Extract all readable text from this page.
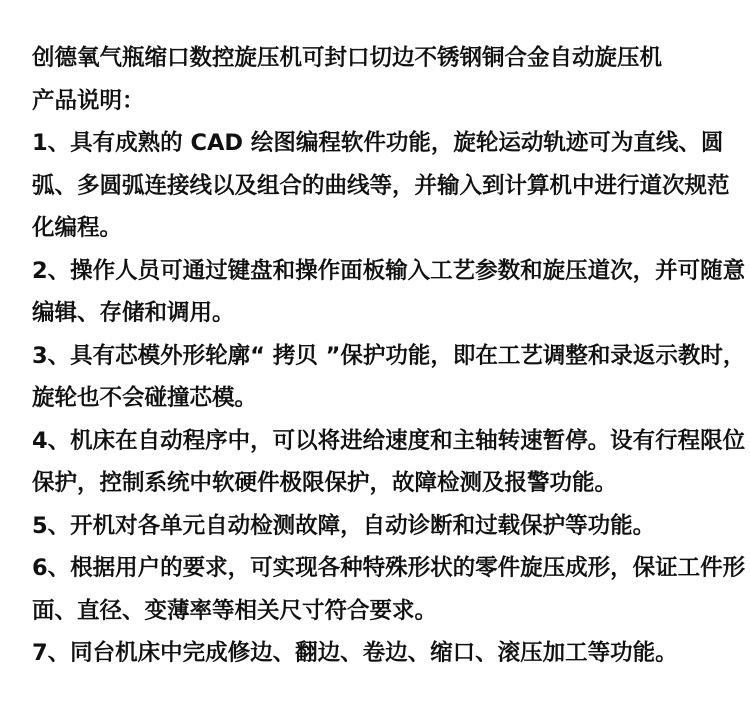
创德氧气瓶缩口数控旋压机可封口切边不锈钢铜合金自动旋压机

产品说明：

1、具有成熟的 CAD 绘图编程软件功能，旋轮运动轨迹可为直线、圆弧、多圆弧连接线以及组合的曲线等，并输入到计算机中进行道次规范化编程。

2、操作人员可通过键盘和操作面板输入工艺参数和旋压道次，并可随意编辑、存储和调用。

3、具有芯模外形轮廓“ 拷贝 ”保护功能，即在工艺调整和录返示教时，旋轮也不会碰撞芯模。

4、机床在自动程序中，可以将进给速度和主轴转速暂停。设有行程限位保护，控制系统中软硬件极限保护，故障检测及报警功能。

5、开机对各单元自动检测故障，自动诊断和过载保护等功能。

6、根据用户的要求，可实现各种特殊形状的零件旋压成形，保证工件形面、直径、变薄率等相关尺寸符合要求。

7、同台机床中完成修边、翻边、卷边、缩口、滚压加工等功能。
